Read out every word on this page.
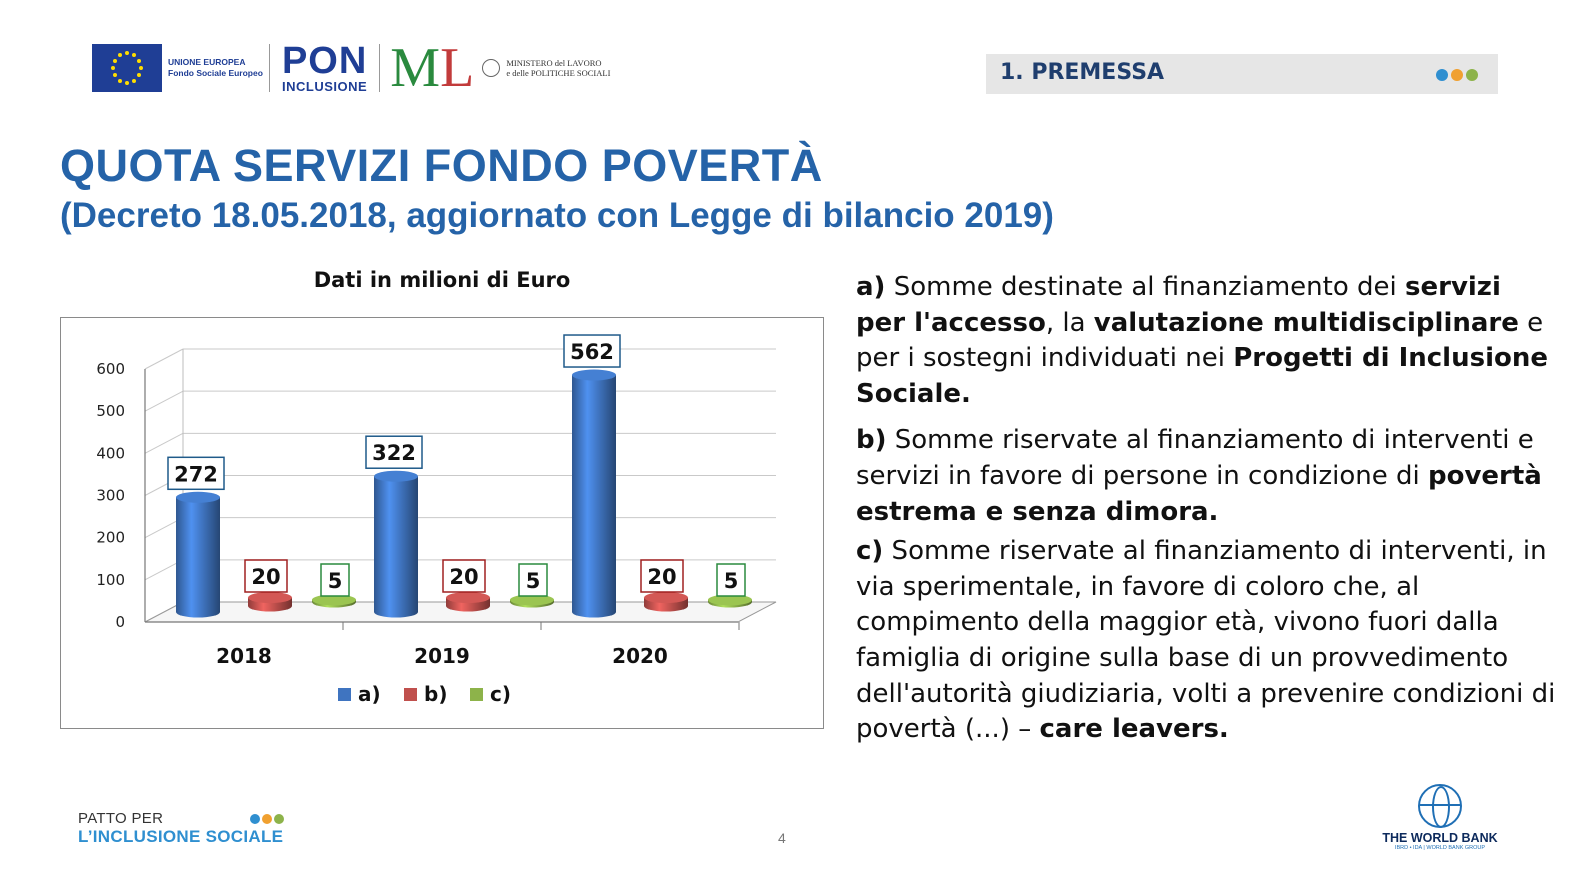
UNIONE EUROPEA
Fondo Sociale Europeo PON
INCLUSIONE ML	MINISTERO del LAVORO
e delle POLITICHE SOCIALI	1. PREMESSA
QUOTA SERVIZI FONDO POVERTÀ
(Decreto 18.05.2018, aggiornato con Legge di bilancio 2019)
Dati in milioni di Euro
0
100
200
300
400
500
600
2018
272
20 5
2019
322
20 5
2020
562
20 5
a) b) c)

a) Somme destinate al finanziamento dei servizi per l'accesso, la valutazione multidisciplinare e per i sostegni individuati nei Progetti di Inclusione Sociale.

b) Somme riservate al finanziamento di interventi e servizi in favore di persone in condizione di povertà estrema e senza dimora.

c) Somme riservate al finanziamento di interventi, in via sperimentale, in favore di coloro che, al compimento della maggior età, vivono fuori dalla famiglia di origine sulla base di un provvedimento dell'autorità giudiziaria, volti a prevenire condizioni di povertà (...) – care leavers.

PATTO PER
L’INCLUSIONE SOCIALE	4	THE WORLD BANK
IBRD • IDA | WORLD BANK GROUP
